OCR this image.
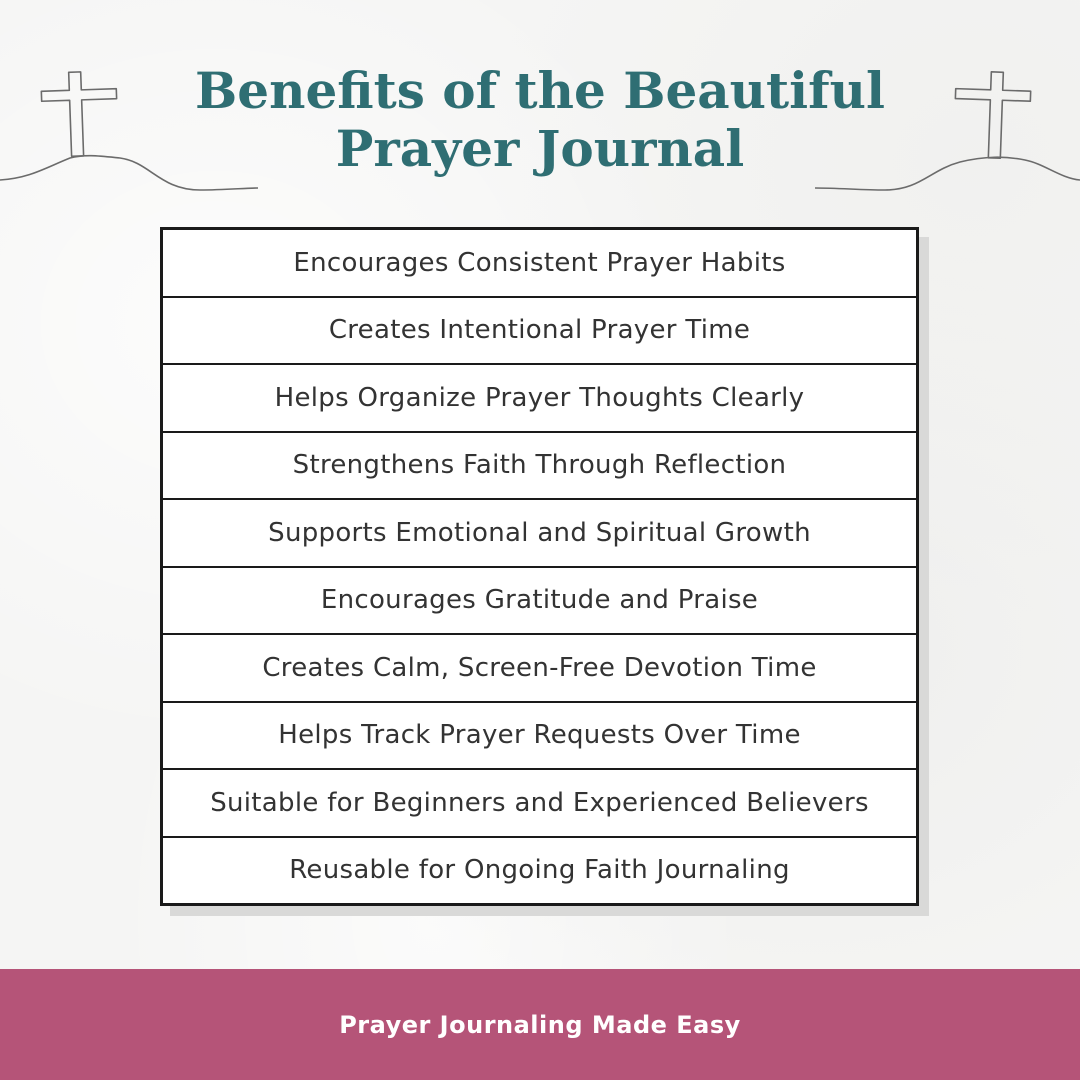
Benefits of the Beautiful
Prayer Journal
Encourages Consistent Prayer Habits
Creates Intentional Prayer Time
Helps Organize Prayer Thoughts Clearly
Strengthens Faith Through Reflection
Supports Emotional and Spiritual Growth
Encourages Gratitude and Praise
Creates Calm, Screen-Free Devotion Time
Helps Track Prayer Requests Over Time
Suitable for Beginners and Experienced Believers
Reusable for Ongoing Faith Journaling
Prayer Journaling Made Easy
